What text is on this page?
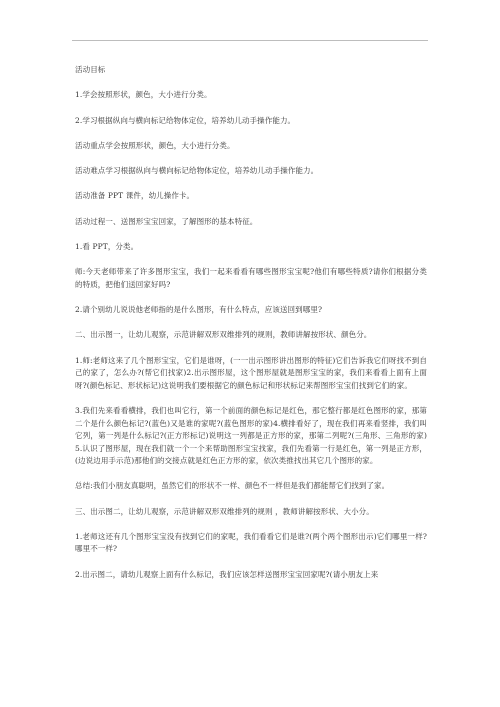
活动目标

1.学会按照形状，颜色，大小进行分类。

2.学习根据纵向与横向标记给物体定位，培养幼儿动手操作能力。

活动重点学会按照形状，颜色，大小进行分类。

活动难点学习根据纵向与横向标记给物体定位，培养幼儿动手操作能力。

活动准备 PPT 课件，幼儿操作卡。

活动过程一、送图形宝宝回家，了解图形的基本特征。

1.看 PPT，分类。

师:今天老师带来了许多图形宝宝，我们一起来看看有哪些图形宝宝呢?他们有哪些特质?请你们根据分类的特质，把他们送回家好吗?

2.请个别幼儿说说他老师指的是什么图形，有什么特点，应该送回到哪里?

二、出示图一，让幼儿观察，示范讲解双形双维排列的规则，教师讲解按形状、颜色分。

1.师:老师这来了几个图形宝宝，它们是谁呀，(一一出示图形讲出图形的特征)它们告诉我它们呀找不到自己的家了，怎么办?(帮它们找家)2.出示图形屋，这个图形屋就是图形宝宝的家，我们来看看上面有上面呀?(颜色标记、形状标记)这说明我们要根据它的颜色标记和形状标记来帮图形宝宝们找到它们的家。

3.我们先来看看横排，我们也叫它行，第一个前面的颜色标记是红色，那它整行都是红色图形的家，那第二个是什么颜色标记?(蓝色)又是谁的家呢?(蓝色图形的家)4.横排看好了，现在我们再来看竖排，我们叫它列，第一列是什么标记?(正方形标记)说明这一列都是正方形的家，那第二列呢?(三角形、三角形的家)5.认识了图形屋，现在我们就一个一个来帮助图形宝宝找家，我们先看第一行是红色，第一列是正方形，(边说边用手示范)那他们的交接点就是红色正方形的家，依次类推找出其它几个图形的家。

总结:我们小朋友真聪明，虽然它们的形状不一样、颜色不一样但是我们都能帮它们找到了家。

三、出示图二，让幼儿观察，示范讲解双形双维排列的规则 ，教师讲解按形状、大小分。

1.老师这还有几个图形宝宝没有找到它们的家呢，我们看看它们是谁?(两个两个图形出示)它们哪里一样?哪里不一样?

2.出示图二，请幼儿观察上面有什么标记，我们应该怎样送图形宝宝回家呢?(请小朋友上来
